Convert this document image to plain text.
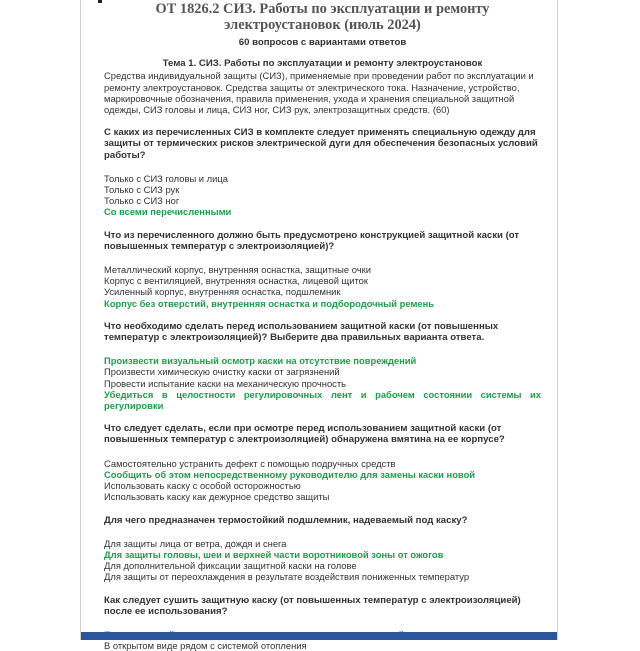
ОТ 1826.2 СИЗ. Работы по эксплуатации и ремонту электроустановок (июль 2024)
60 вопросов с вариантами ответов
Тема 1. СИЗ. Работы по эксплуатации и ремонту электроустановок
Средства индивидуальной защиты (СИЗ), применяемые при проведении работ по эксплуатации и ремонту электроустановок. Средства защиты от электрического тока. Назначение, устройство, маркировочные обозначения, правила применения, ухода и хранения специальной защитной одежды, СИЗ головы и лица, СИЗ ног, СИЗ рук, электрозащитных средств. (60)
С каких из перечисленных СИЗ в комплекте следует применять специальную одежду для защиты от термических рисков электрической дуги для обеспечения безопасных условий работы?
Только с СИЗ головы и лица
Только с СИЗ рук
Только с СИЗ ног
Со всеми перечисленными
Что из перечисленного должно быть предусмотрено конструкцией защитной каски (от повышенных температур с электроизоляцией)?
Металлический корпус, внутренняя оснастка, защитные очки
Корпус с вентиляцией, внутренняя оснастка, лицевой щиток
Усиленный корпус, внутренняя оснастка, подшлемник
Корпус без отверстий, внутренняя оснастка и подбородочный ремень
Что необходимо сделать перед использованием защитной каски (от повышенных температур с электроизоляцией)? Выберите два правильных варианта ответа.
Произвести визуальный осмотр каски на отсутствие повреждений
Произвести химическую очистку каски от загрязнений
Провести испытание каски на механическую прочность
Убедиться в целостности регулировочных лент и рабочем состоянии системы их регулировки
Что следует сделать, если при осмотре перед использованием защитной каски (от повышенных температур с электроизоляцией) обнаружена вмятина на ее корпусе?
Самостоятельно устранить дефект с помощью подручных средств
Сообщить об этом непосредственному руководителю для замены каски новой
Использовать каску с особой осторожностью
Использовать каску как дежурное средство защиты
Для чего предназначен термостойкий подшлемник, надеваемый под каску?
Для защиты лица от ветра, дождя и снега
Для защиты головы, шеи и верхней части воротниковой зоны от ожогов
Для дополнительной фиксации защитной каски на голове
Для защиты от переохлаждения в результате воздействия пониженных температур
Как следует сушить защитную каску (от повышенных температур с электроизоляцией) после ее использования?
В открытом виде рядом с системой отопления
